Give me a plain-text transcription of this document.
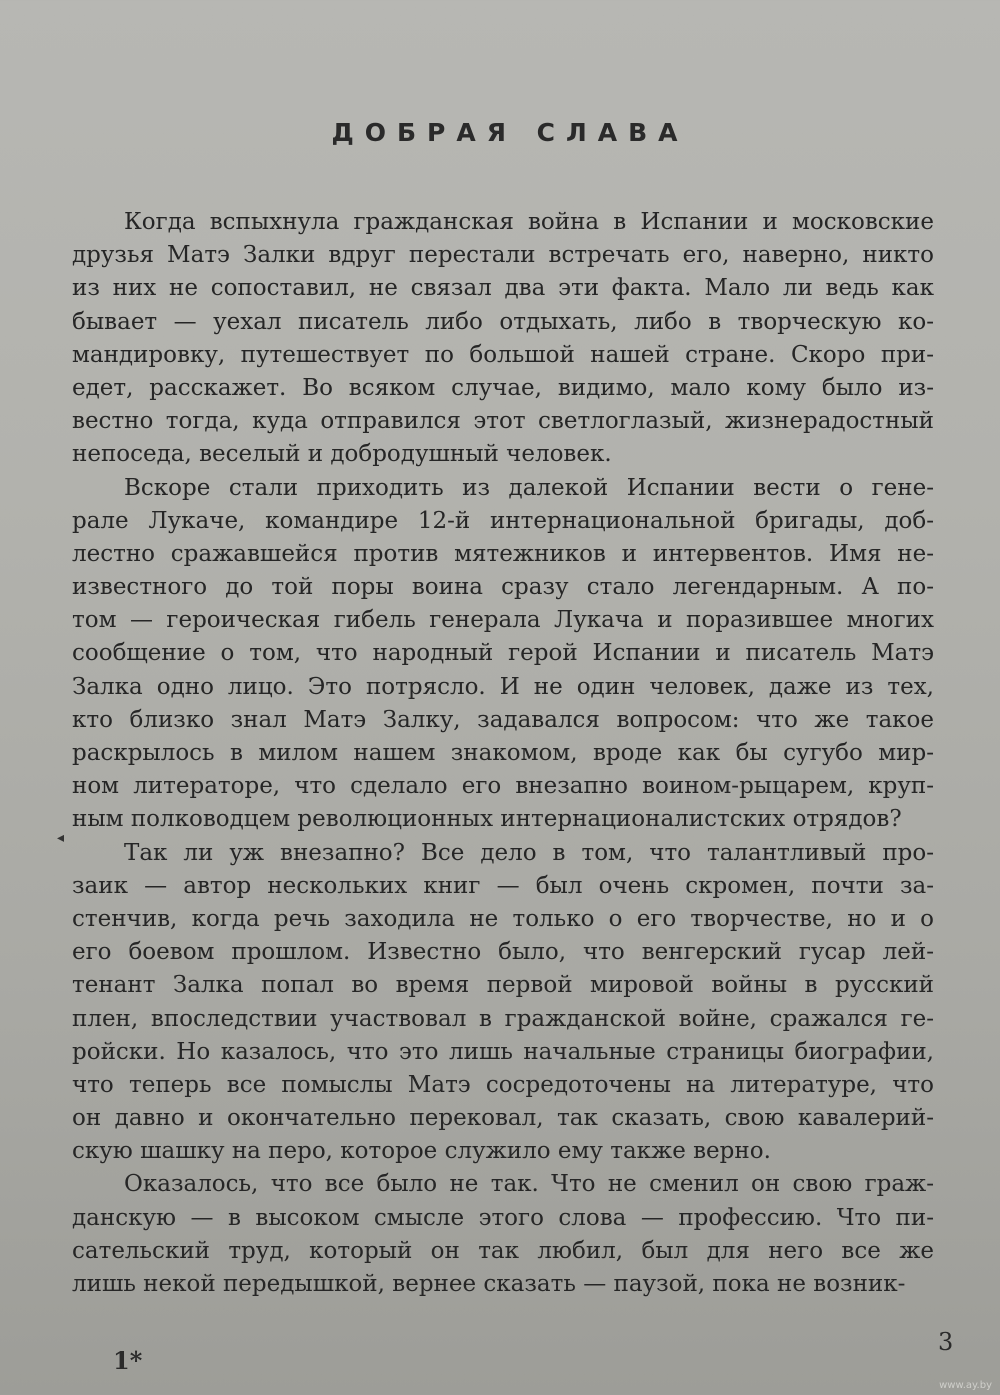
ДОБРАЯ СЛАВА
Когда вспыхнула гражданская война в Испании и московские
друзья Матэ Залки вдруг перестали встречать его, наверно, никто
из них не сопоставил, не связал два эти факта. Мало ли ведь как
бывает — уехал писатель либо отдыхать, либо в творческую ко-
мандировку, путешествует по большой нашей стране. Скоро при-
едет, расскажет. Во всяком случае, видимо, мало кому было из-
вестно тогда, куда отправился этот светлоглазый, жизнерадостный
непоседа, веселый и добродушный человек.
Вскоре стали приходить из далекой Испании вести о гене-
рале Лукаче, командире 12-й интернациональной бригады, доб-
лестно сражавшейся против мятежников и интервентов. Имя не-
известного до той поры воина сразу стало легендарным. А по-
том — героическая гибель генерала Лукача и поразившее многих
сообщение о том, что народный герой Испании и писатель Матэ
Залка одно лицо. Это потрясло. И не один человек, даже из тех,
кто близко знал Матэ Залку, задавался вопросом: что же такое
раскрылось в милом нашем знакомом, вроде как бы сугубо мир-
ном литераторе, что сделало его внезапно воином-рыцарем, круп-
ным полководцем революционных интернационалистских отрядов?
Так ли уж внезапно? Все дело в том, что талантливый про-
заик — автор нескольких книг — был очень скромен, почти за-
стенчив, когда речь заходила не только о его творчестве, но и о
его боевом прошлом. Известно было, что венгерский гусар лей-
тенант Залка попал во время первой мировой войны в русский
плен, впоследствии участвовал в гражданской войне, сражался ге-
ройски. Но казалось, что это лишь начальные страницы биографии,
что теперь все помыслы Матэ сосредоточены на литературе, что
он давно и окончательно перековал, так сказать, свою кавалерий-
скую шашку на перо, которое служило ему также верно.
Оказалось, что все было не так. Что не сменил он свою граж-
данскую — в высоком смысле этого слова — профессию. Что пи-
сательский труд, который он так любил, был для него все же
лишь некой передышкой, вернее сказать — паузой, пока не возник-
◂
1*
3
www.ay.by
